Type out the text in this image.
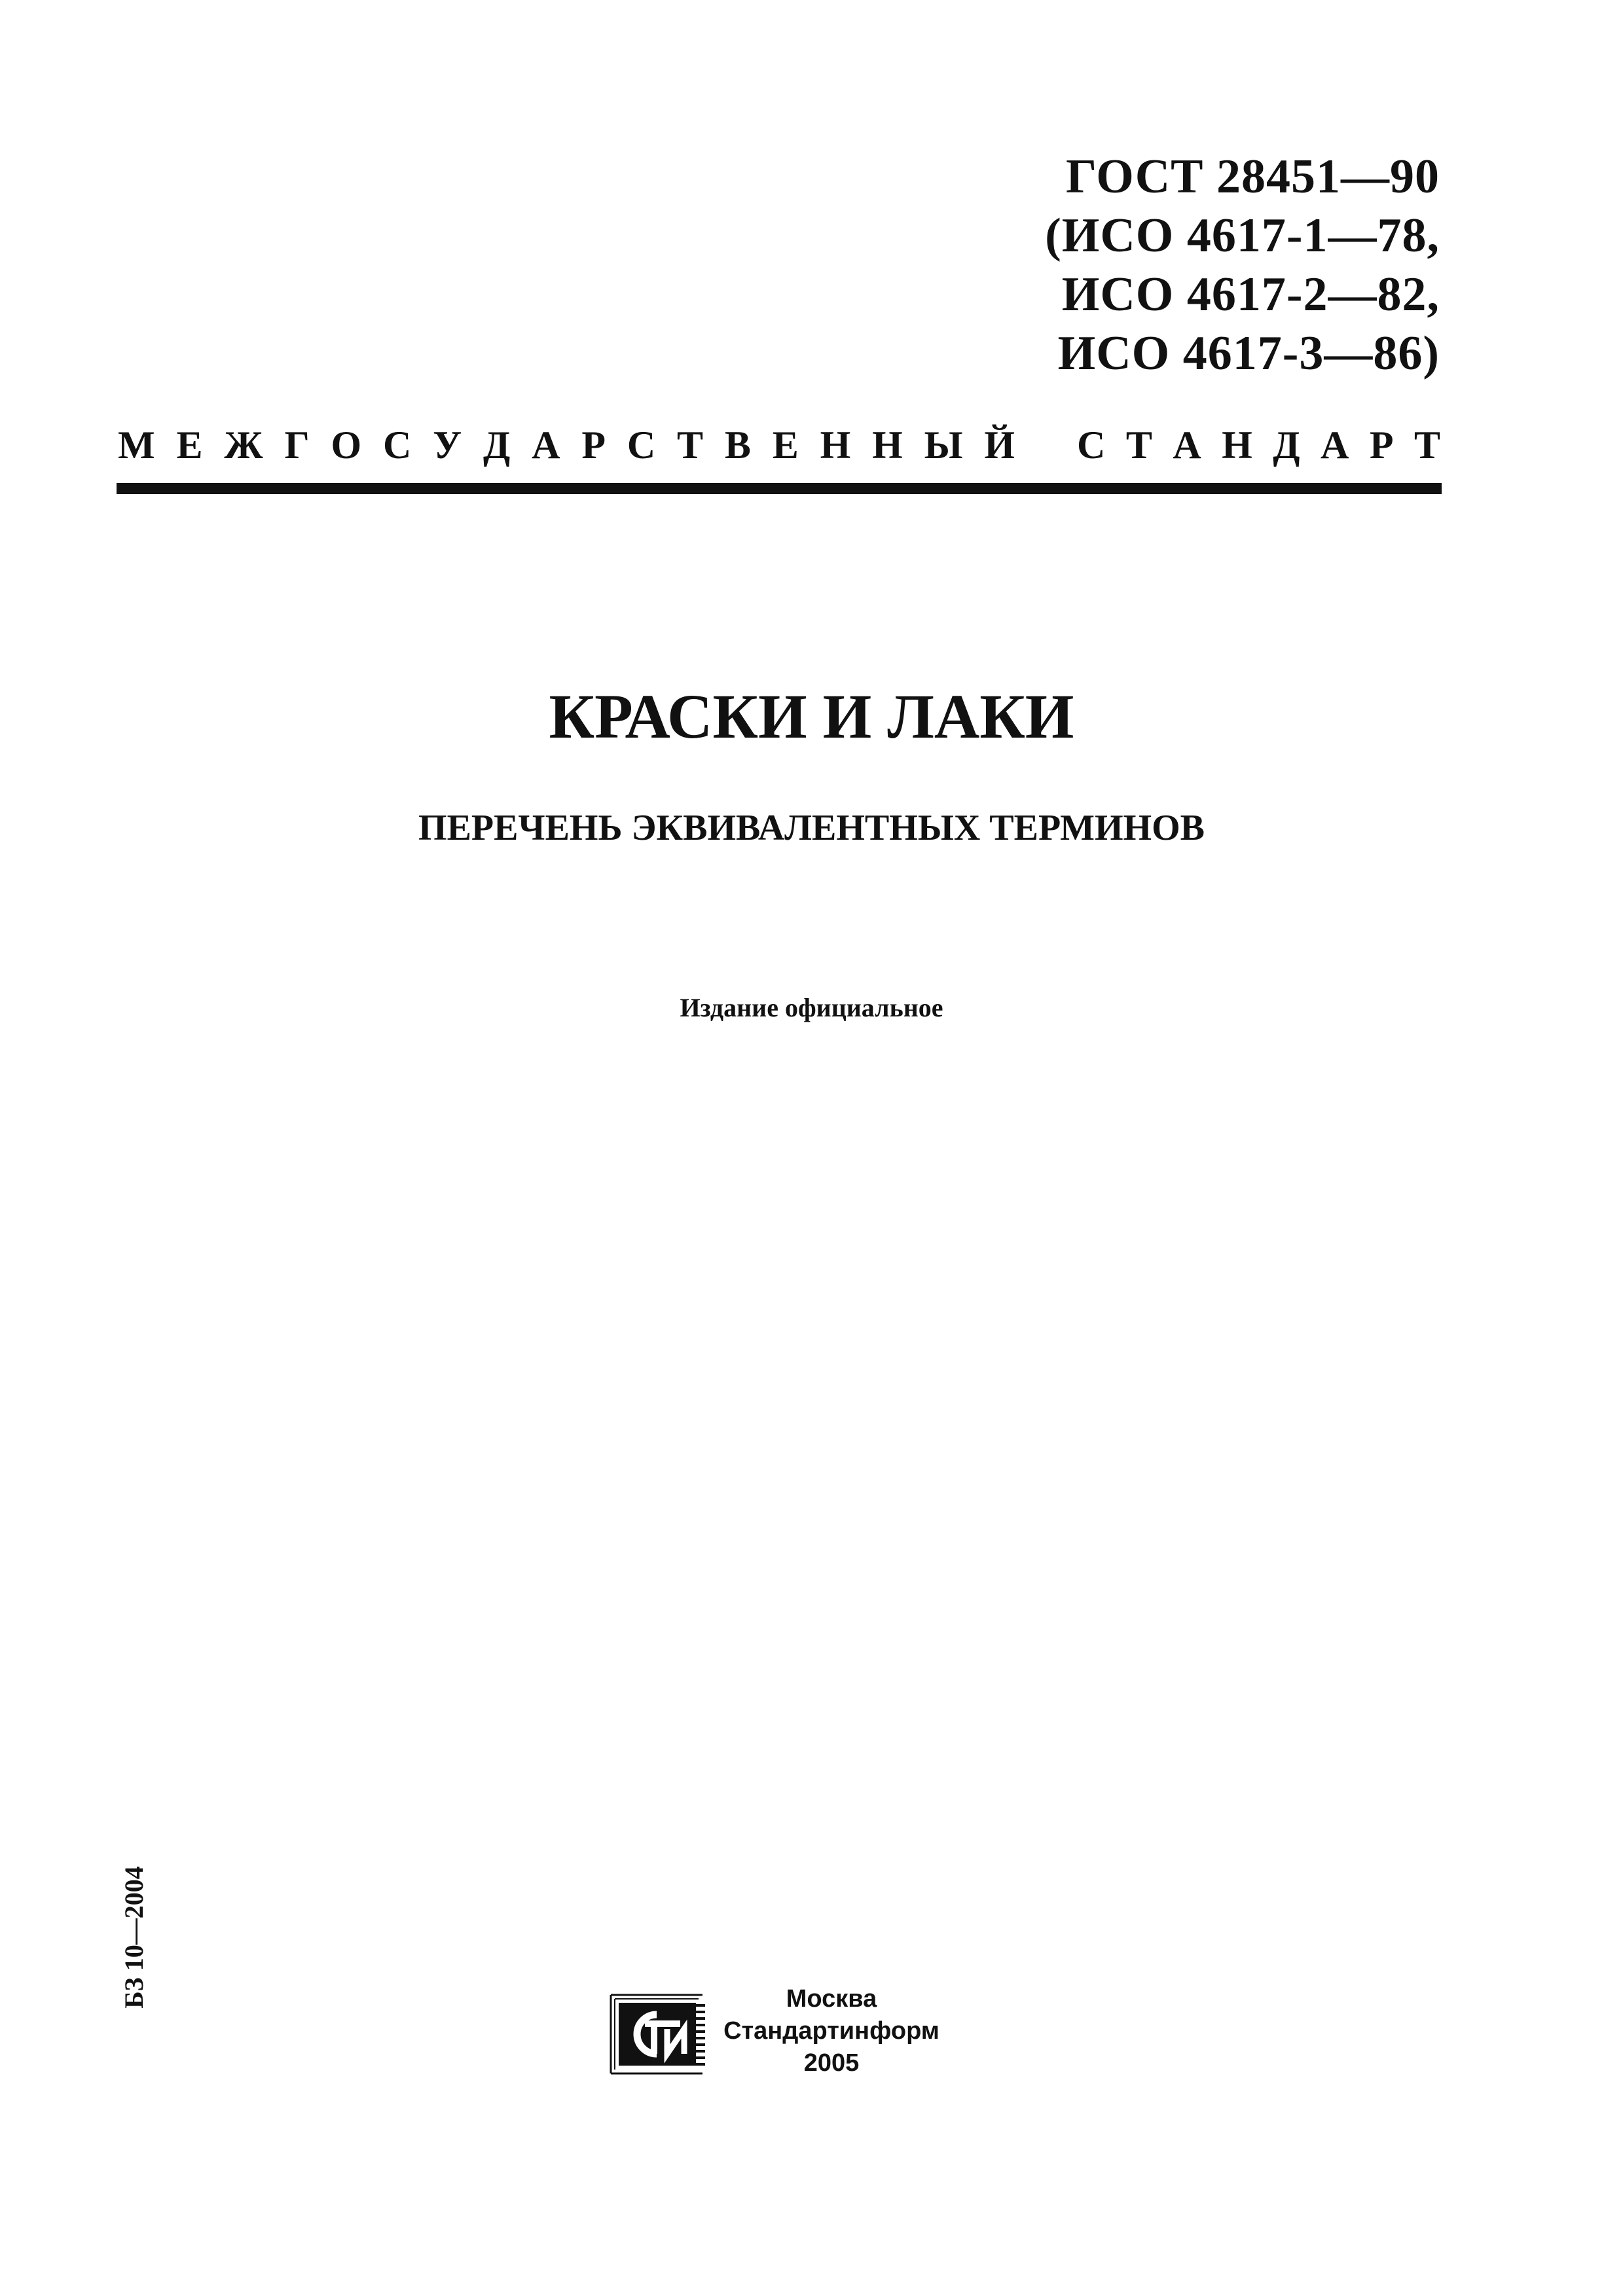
ГОСТ 28451—90
(ИСО 4617-1—78,
ИСО 4617-2—82,
ИСО 4617-3—86)
М Е Ж Г О С У Д А Р С Т В Е Н Н Ы Й С Т А Н Д А Р Т
КРАСКИ И ЛАКИ
ПЕРЕЧЕНЬ ЭКВИВАЛЕНТНЫХ ТЕРМИНОВ
Издание официальное
БЗ 10—2004	Москва
Стандартинформ
2005
